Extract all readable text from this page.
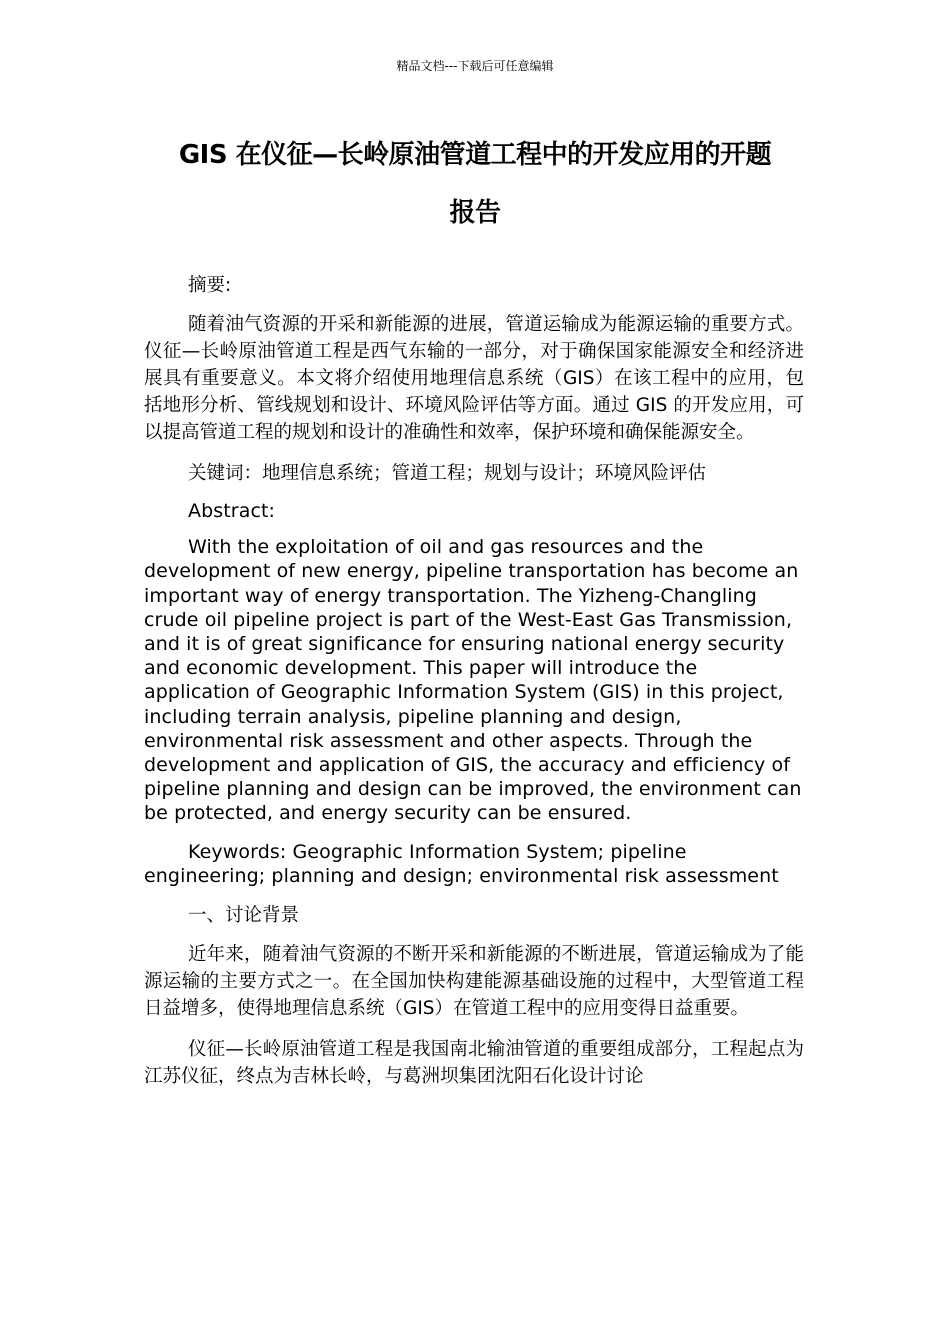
精品文档---下载后可任意编辑
GIS 在仪征—长岭原油管道工程中的开发应用的开题
报告

摘要:

随着油气资源的开采和新能源的进展，管道运输成为能源运输的重要方式。仪征—长岭原油管道工程是西气东输的一部分，对于确保国家能源安全和经济进展具有重要意义。本文将介绍使用地理信息系统（GIS）在该工程中的应用，包括地形分析、管线规划和设计、环境风险评估等方面。通过 GIS 的开发应用，可以提高管道工程的规划和设计的准确性和效率，保护环境和确保能源安全。

关键词：地理信息系统；管道工程；规划与设计；环境风险评估

Abstract:

With the exploitation of oil and gas resources and the development of new energy, pipeline transportation has become an important way of energy transportation. The Yizheng-Changling crude oil pipeline project is part of the West-East Gas Transmission, and it is of great significance for ensuring national energy security and economic development. This paper will introduce the application of Geographic Information System (GIS) in this project, including terrain analysis, pipeline planning and design, environmental risk assessment and other aspects. Through the development and application of GIS, the accuracy and efficiency of pipeline planning and design can be improved, the environment can be protected, and energy security can be ensured.

Keywords: Geographic Information System; pipeline engineering; planning and design; environmental risk assessment

一、讨论背景

近年来，随着油气资源的不断开采和新能源的不断进展，管道运输成为了能源运输的主要方式之一。在全国加快构建能源基础设施的过程中，大型管道工程日益增多，使得地理信息系统（GIS）在管道工程中的应用变得日益重要。

仪征—长岭原油管道工程是我国南北输油管道的重要组成部分，工程起点为江苏仪征，终点为吉林长岭，与葛洲坝集团沈阳石化设计讨论
